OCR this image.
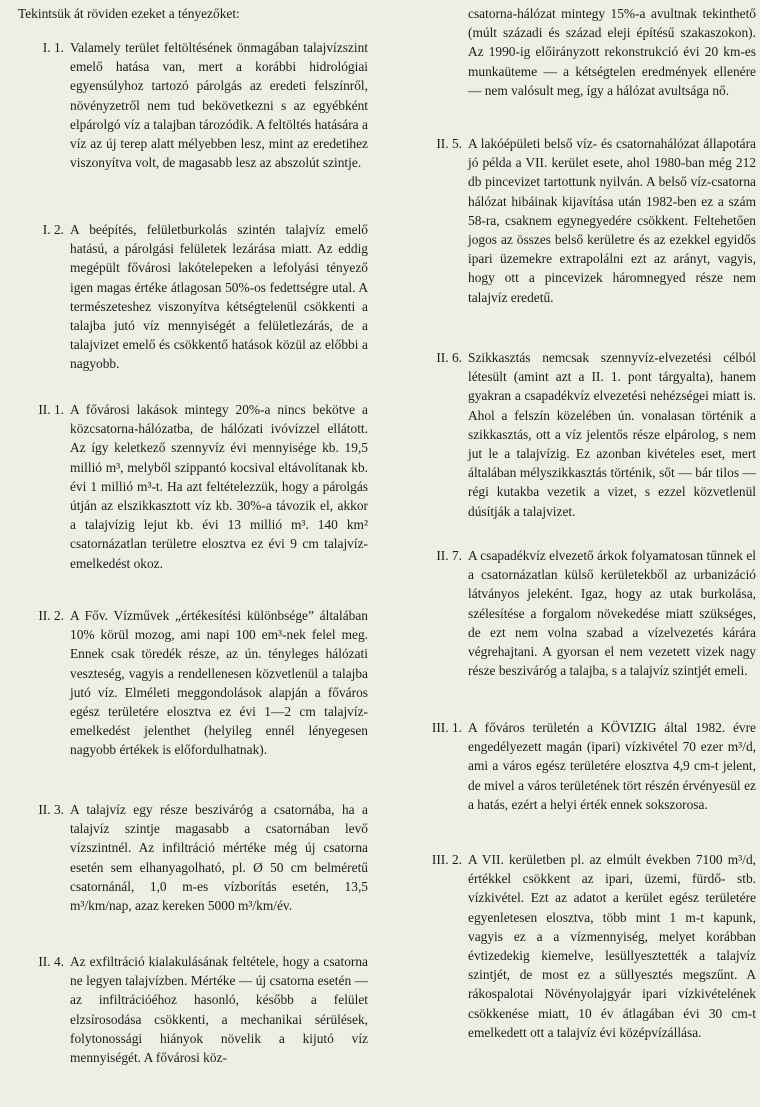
Tekintsük át röviden ezeket a tényezőket:
I. 1. Valamely terület feltöltésének önmagában talajvízszint emelő hatása van, mert a korábbi hidrológiai egyensúlyhoz tartozó párolgás az eredeti felszínről, növényzetről nem tud bekövetkezni s az egyébként elpárolgó víz a talajban tározódik. A feltöltés hatására a víz az új terep alatt mélyebben lesz, mint az eredetihez viszonyítva volt, de magasabb lesz az abszolút szintje.
I. 2. A beépítés, felületburkolás szintén talajvíz emelő hatású, a párolgási felületek lezárása miatt. Az eddig megépült fővárosi lakótelepeken a lefolyási tényező igen magas értéke átlagosan 50%-os fedettségre utal. A természeteshez viszonyítva kétségtelenül csökkenti a talajba jutó víz mennyiségét a felületlezárás, de a talajvizet emelő és csökkentő hatások közül az előbbi a nagyobb.
II. 1. A fővárosi lakások mintegy 20%-a nincs bekötve a közcsatorna-hálózatba, de hálózati ivóvízzel ellátott. Az így keletkező szennyvíz évi mennyisége kb. 19,5 millió m³, melyből szippantó kocsival eltávolítanak kb. évi 1 millió m³-t. Ha azt feltételezzük, hogy a párolgás útján az elszikkasztott víz kb. 30%-a távozik el, akkor a talajvízig lejut kb. évi 13 millió m³. 140 km² csatornázatlan területre elosztva ez évi 9 cm talajvíz-emelkedést okoz.
II. 2. A Főv. Vízművek „értékesítési különbsége” általában 10% körül mozog, ami napi 100 em³-nek felel meg. Ennek csak töredék része, az ún. tényleges hálózati veszteség, vagyis a rendellenesen közvetlenül a talajba jutó víz. Elméleti meggondolások alapján a főváros egész területére elosztva ez évi 1—2 cm talajvíz-emelkedést jelenthet (helyileg ennél lényegesen nagyobb értékek is előfordulhatnak).
II. 3. A talajvíz egy része besziváróg a csatornába, ha a talajvíz szintje magasabb a csatornában levő vízszintnél. Az infiltráció mértéke még új csatorna esetén sem elhanyagolható, pl. Ø 50 cm belméretű csatornánál, 1,0 m-es vízborítás esetén, 13,5 m³/km/nap, azaz kereken 5000 m³/km/év.
II. 4. Az exfiltráció kialakulásának feltétele, hogy a csatorna ne legyen talajvízben. Mértéke — új csatorna esetén — az infiltrációéhoz hasonló, később a felület elzsírosodása csökkenti, a mechanikai sérülések, folytonossági hiányok növelik a kijutó víz mennyiségét. A fővárosi köz-
csatorna-hálózat mintegy 15%-a avultnak tekinthető (múlt századi és század eleji építésű szakaszokon). Az 1990-ig előirányzott rekonstrukció évi 20 km-es munkaüteme — a kétségtelen eredmények ellenére — nem valósult meg, így a hálózat avultsága nő.
II. 5. A lakóépületi belső víz- és csatornahálózat állapotára jó példa a VII. kerület esete, ahol 1980-ban még 212 db pincevizet tartottunk nyilván. A belső víz-csatorna hálózat hibáinak kijavítása után 1982-ben ez a szám 58-ra, csaknem egynegyedére csökkent. Feltehetően jogos az összes belső kerületre és az ezekkel egyidős ipari üzemekre extrapolálni ezt az arányt, vagyis, hogy ott a pincevizek háromnegyed része nem talajvíz eredetű.
II. 6. Szikkasztás nemcsak szennyvíz-elvezetési célból létesült (amint azt a II. 1. pont tárgyalta), hanem gyakran a csapadékvíz elvezetési nehézségei miatt is. Ahol a felszín közelében ún. vonalasan történik a szikkasztás, ott a víz jelentős része elpárolog, s nem jut le a talajvízig. Ez azonban kivételes eset, mert általában mélyszikkasztás történik, sőt — bár tilos — régi kutakba vezetik a vizet, s ezzel közvetlenül dúsítják a talajvizet.
II. 7. A csapadékvíz elvezető árkok folyamatosan tűnnek el a csatornázatlan külső kerületekből az urbanizáció látványos jeleként. Igaz, hogy az utak burkolása, szélesítése a forgalom növekedése miatt szükséges, de ezt nem volna szabad a vízelvezetés kárára végrehajtani. A gyorsan el nem vezetett vizek nagy része besziváróg a talajba, s a talajvíz szintjét emeli.
III. 1. A főváros területén a KÖVIZIG által 1982. évre engedélyezett magán (ipari) vízkivétel 70 ezer m³/d, ami a város egész területére elosztva 4,9 cm-t jelent, de mivel a város területének tört részén érvényesül ez a hatás, ezért a helyi érték ennek sokszorosa.
III. 2. A VII. kerületben pl. az elmúlt években 7100 m³/d, értékkel csökkent az ipari, üzemi, fürdő- stb. vízkivétel. Ezt az adatot a kerület egész területére egyenletesen elosztva, több mint 1 m-t kapunk, vagyis ez a a vízmennyiség, melyet korábban évtizedekig kiemelve, lesüllyesztették a talajvíz szintjét, de most ez a süllyesztés megszűnt. A rákospalotai Növényolajgyár ipari vízkivételének csökkenése miatt, 10 év átlagában évi 30 cm-t emelkedett ott a talajvíz évi középvízállása.
